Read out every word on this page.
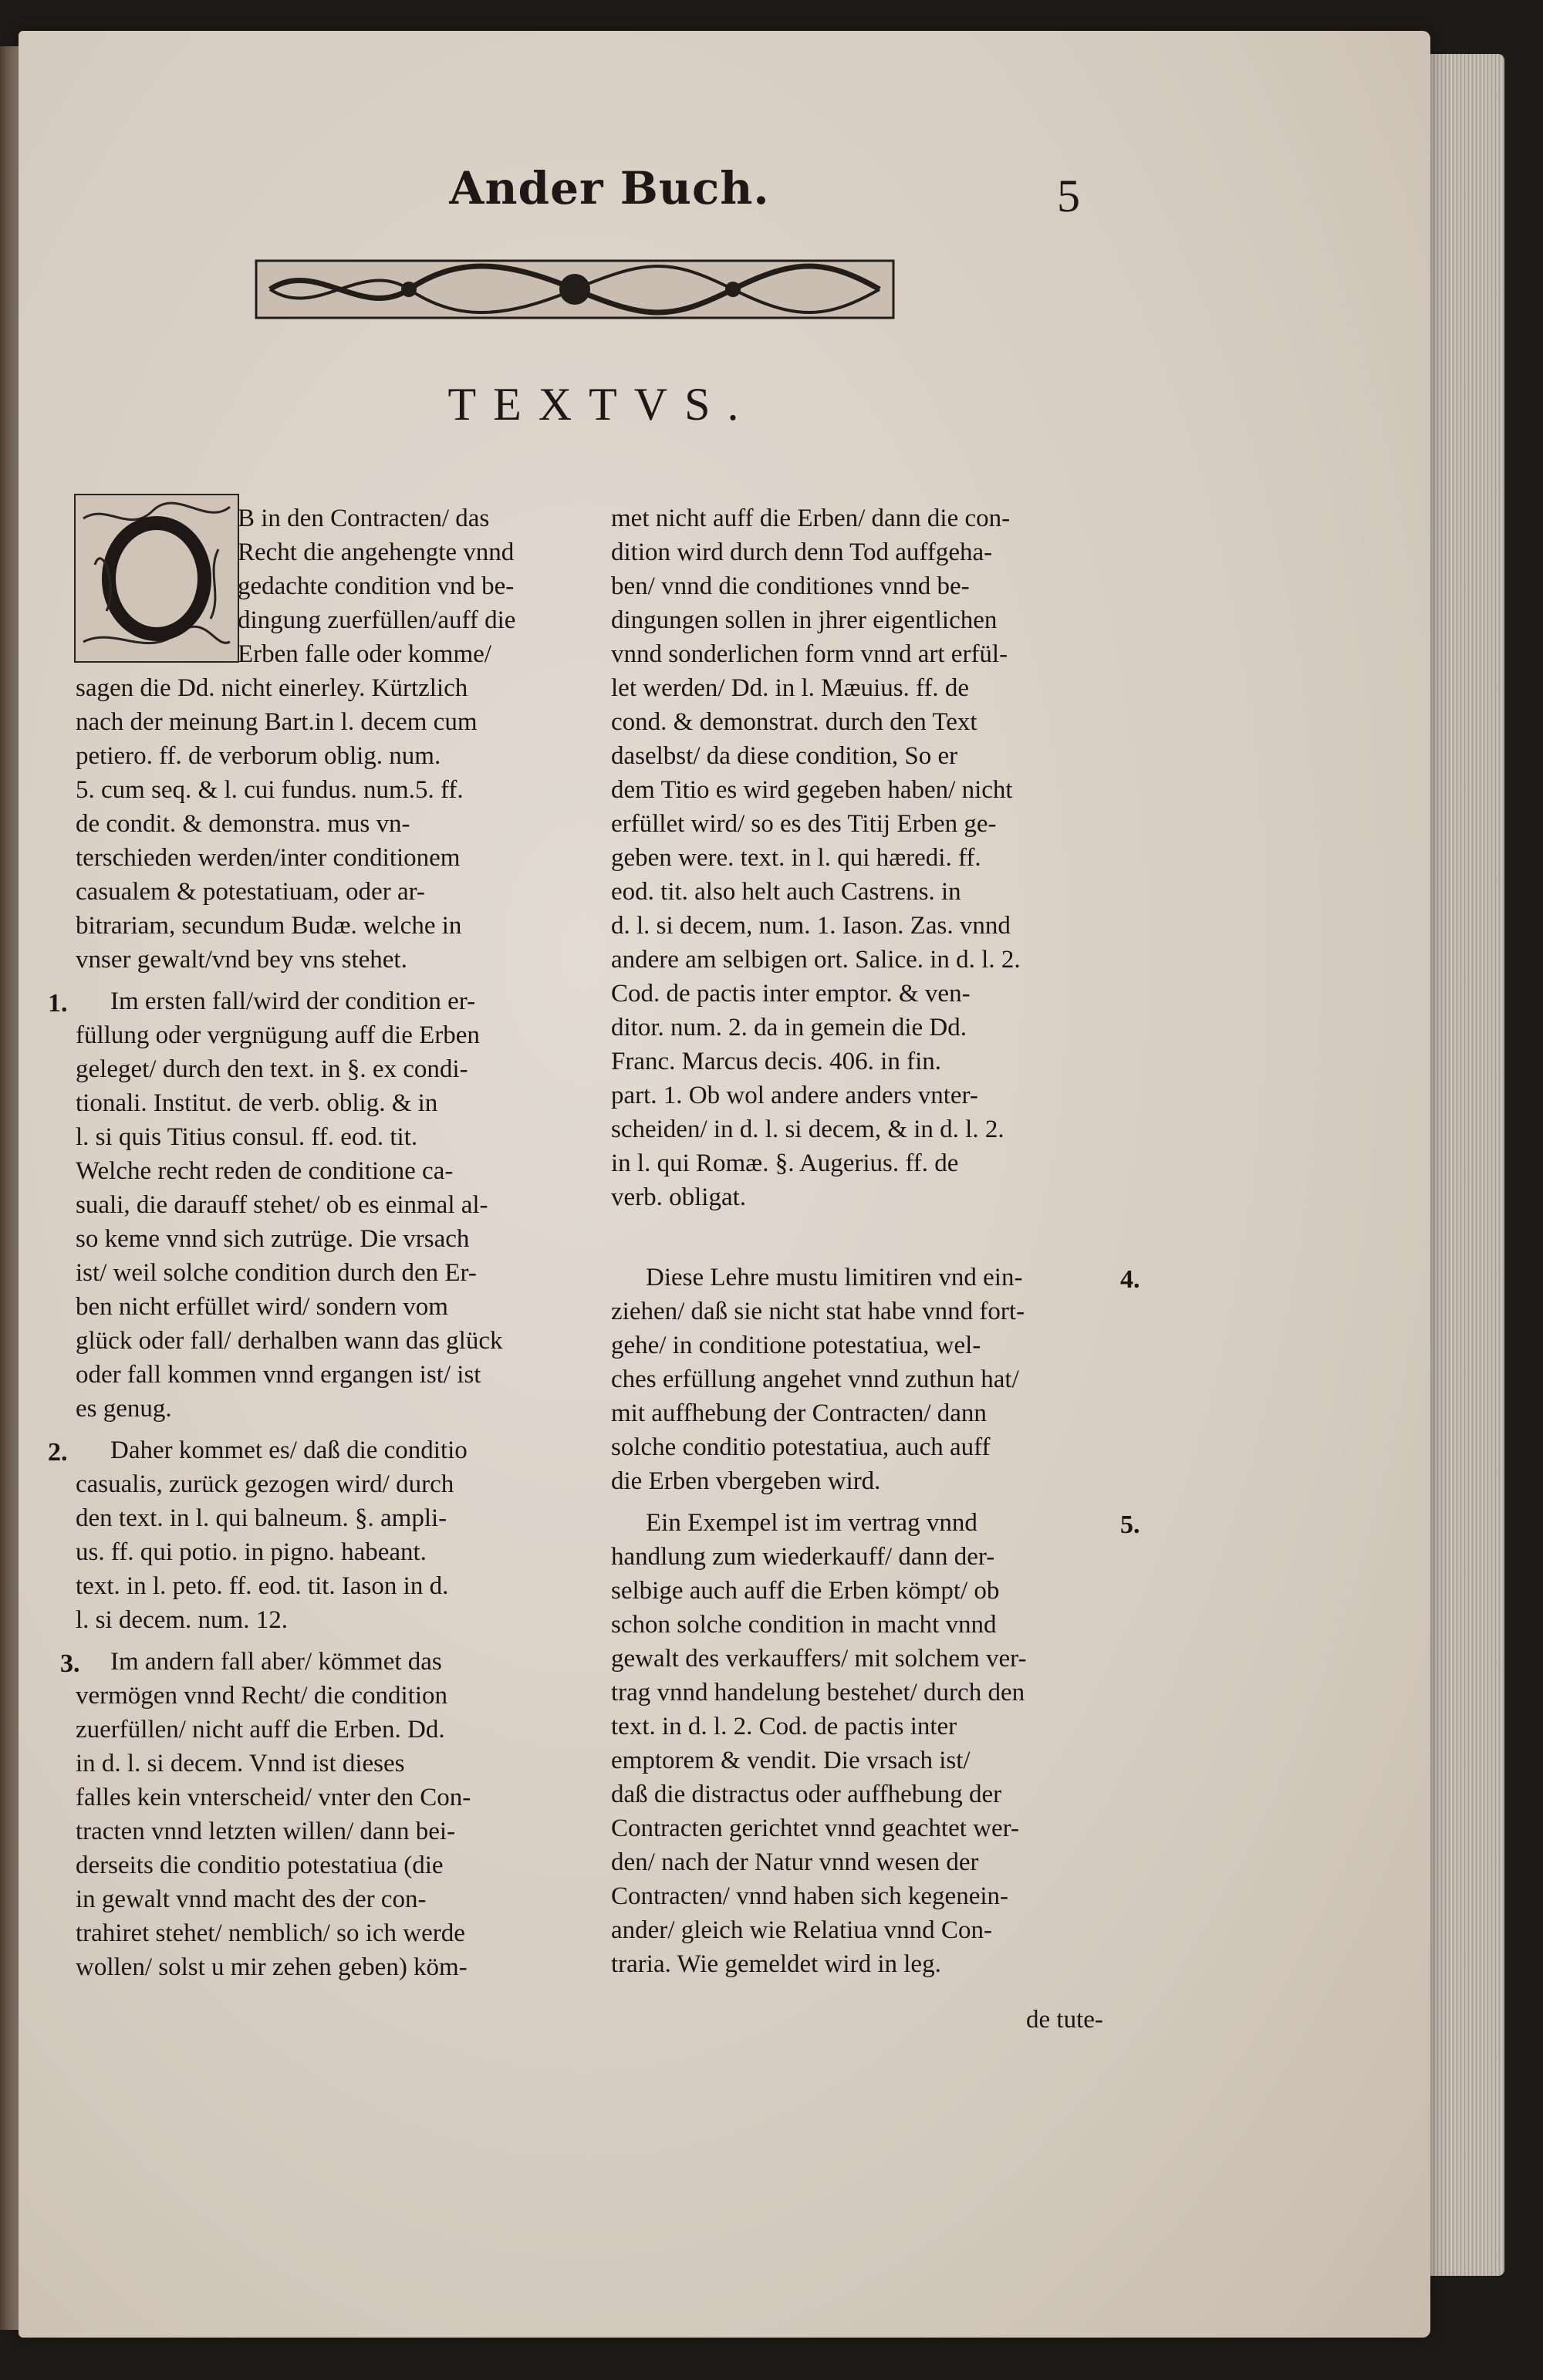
Ander Buch.	5
TEXTVS.
B in den Contracten/ das
Recht die angehengte vnnd
gedachte condition vnd be-
dingung zuerfüllen/auff die
Erben falle oder komme/
sagen die Dd. nicht einerley. Kürtzlich
nach der meinung Bart.in l. decem cum
petiero. ff. de verborum oblig. num.
5. cum seq. & l. cui fundus. num.5. ff.
de condit. & demonstra. mus vn-
terschieden werden/inter conditionem
casualem & potestatiuam, oder ar-
bitrariam, secundum Budæ. welche in
vnser gewalt/vnd bey vns stehet.
Im ersten fall/wird der condition er-
füllung oder vergnügung auff die Erben
geleget/ durch den text. in §. ex condi-
tionali. Institut. de verb. oblig. & in
l. si quis Titius consul. ff. eod. tit.
Welche recht reden de conditione ca-
suali, die darauff stehet/ ob es einmal al-
so keme vnnd sich zutrüge. Die vrsach
ist/ weil solche condition durch den Er-
ben nicht erfüllet wird/ sondern vom
glück oder fall/ derhalben wann das glück
oder fall kommen vnnd ergangen ist/ ist
es genug.
Daher kommet es/ daß die conditio
casualis, zurück gezogen wird/ durch
den text. in l. qui balneum. §. ampli-
us. ff. qui potio. in pigno. habeant.
text. in l. peto. ff. eod. tit. Iason in d.
l. si decem. num. 12.
Im andern fall aber/ kömmet das
vermögen vnnd Recht/ die condition
zuerfüllen/ nicht auff die Erben. Dd.
in d. l. si decem. Vnnd ist dieses
falles kein vnterscheid/ vnter den Con-
tracten vnnd letzten willen/ dann bei-
derseits die conditio potestatiua (die
in gewalt vnnd macht des der con-
trahiret stehet/ nemblich/ so ich werde
wollen/ solst u mir zehen geben) köm-
met nicht auff die Erben/ dann die con-
dition wird durch denn Tod auffgeha-
ben/ vnnd die conditiones vnnd be-
dingungen sollen in jhrer eigentlichen
vnnd sonderlichen form vnnd art erfül-
let werden/ Dd. in l. Mæuius. ff. de
cond. & demonstrat. durch den Text
daselbst/ da diese condition, So er
dem Titio es wird gegeben haben/ nicht
erfüllet wird/ so es des Titij Erben ge-
geben were. text. in l. qui hæredi. ff.
eod. tit. also helt auch Castrens. in
d. l. si decem, num. 1. Iason. Zas. vnnd
andere am selbigen ort. Salice. in d. l. 2.
Cod. de pactis inter emptor. & ven-
ditor. num. 2. da in gemein die Dd.
Franc. Marcus decis. 406. in fin.
part. 1. Ob wol andere anders vnter-
scheiden/ in d. l. si decem, & in d. l. 2.
in l. qui Romæ. §. Augerius. ff. de
verb. obligat.
Diese Lehre mustu limitiren vnd ein-
ziehen/ daß sie nicht stat habe vnnd fort-
gehe/ in conditione potestatiua, wel-
ches erfüllung angehet vnnd zuthun hat/
mit auffhebung der Contracten/ dann
solche conditio potestatiua, auch auff
die Erben vbergeben wird.
Ein Exempel ist im vertrag vnnd
handlung zum wiederkauff/ dann der-
selbige auch auff die Erben kömpt/ ob
schon solche condition in macht vnnd
gewalt des verkauffers/ mit solchem ver-
trag vnnd handelung bestehet/ durch den
text. in d. l. 2. Cod. de pactis inter
emptorem & vendit. Die vrsach ist/
daß die distractus oder auffhebung der
Contracten gerichtet vnnd geachtet wer-
den/ nach der Natur vnnd wesen der
Contracten/ vnnd haben sich kegenein-
ander/ gleich wie Relatiua vnnd Con-
traria. Wie gemeldet wird in leg.
1.
2.
3.
4.
5.
de tute-
